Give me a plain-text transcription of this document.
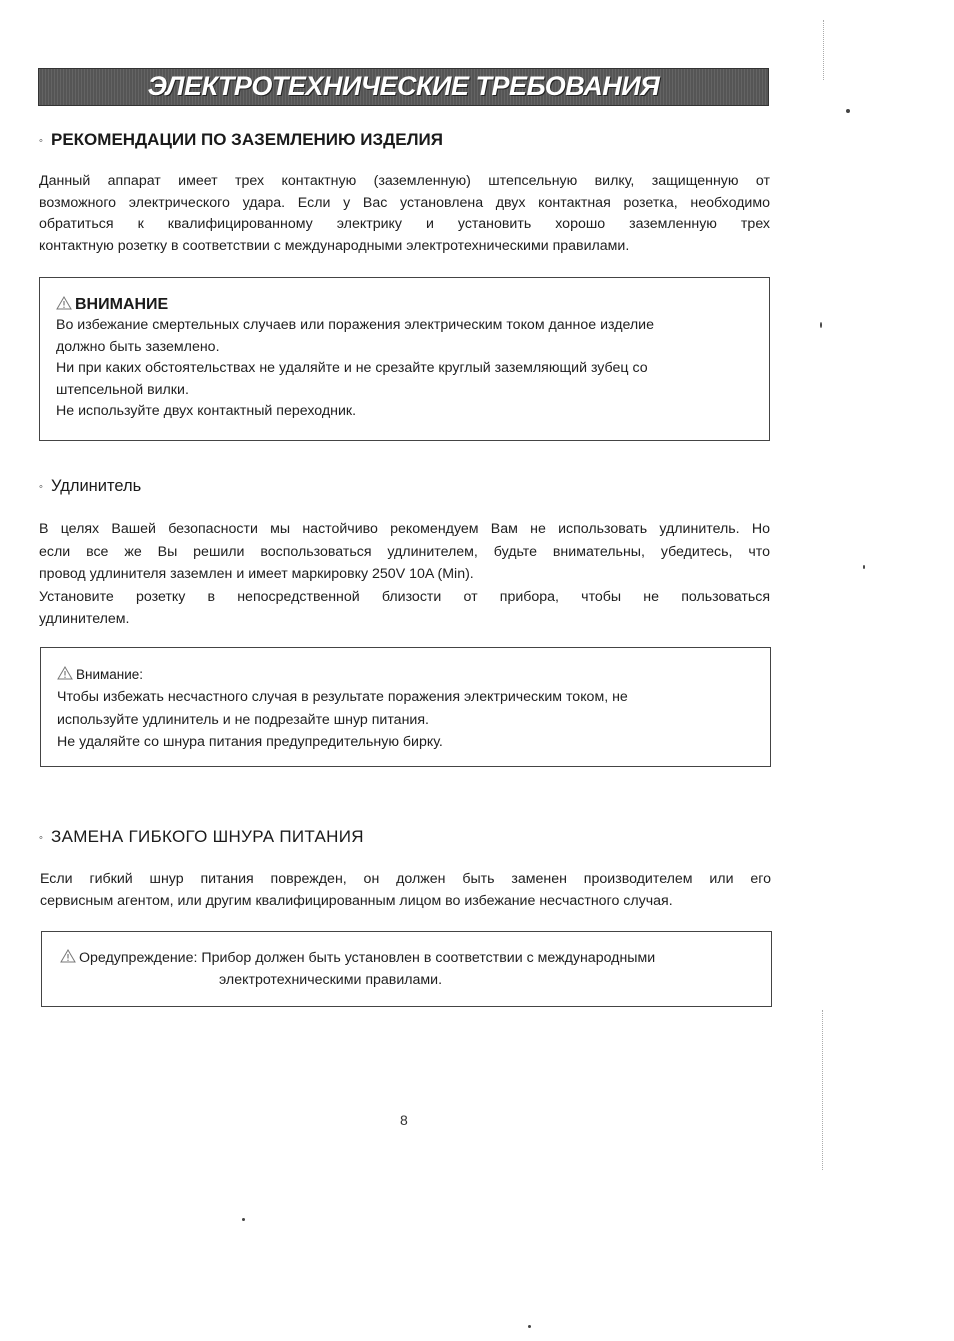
ЭЛЕКТРОТЕХНИЧЕСКИЕ ТРЕБОВАНИЯ
◦ РЕКОМЕНДАЦИИ ПО ЗАЗЕМЛЕНИЮ ИЗДЕЛИЯ

Данный аппарат имеет трех контактную (заземленную) штепсельную вилку, защищенную от

возможного электрического удара. Если у Вас установлена двух контактная розетка, необходимо

обратиться к квалифицированному электрику и установить хорошо заземленную трех

контактную розетку в соответствии с международными электротехническими правилами.

ВНИМАНИЕ
Во избежание смертельных случаев или поражения электрическим током данное изделие
должно быть заземлено.
Ни при каких обстоятельствах не удаляйте и не срезайте круглый заземляющий зубец со
штепсельной вилки.
Не используйте двух контактный переходник.
◦ Удлинитель

В целях Вашей безопасности мы настойчиво рекомендуем Вам не использовать удлинитель. Но

если все же Вы решили воспользоваться удлинителем, будьте внимательны, убедитесь, что

провод удлинителя заземлен и имеет маркировку 250V 10A (Min).

Установите розетку в непосредственной близости от прибора, чтобы не пользоваться

удлинителем.

Внимание:
Чтобы избежать несчастного случая в результате поражения электрическим током, не
используйте удлинитель и не подрезайте шнур питания.
Не удаляйте со шнура питания предупредительную бирку.
◦ ЗАМЕНА ГИБКОГО ШНУРА ПИТАНИЯ

Если гибкий шнур питания поврежден, он должен быть заменен производителем или его

сервисным агентом, или другим квалифицированным лицом во избежание несчастного случая.

Оредупреждение: Прибор должен быть установлен в соответствии с международными
электротехническими правилами.
8
